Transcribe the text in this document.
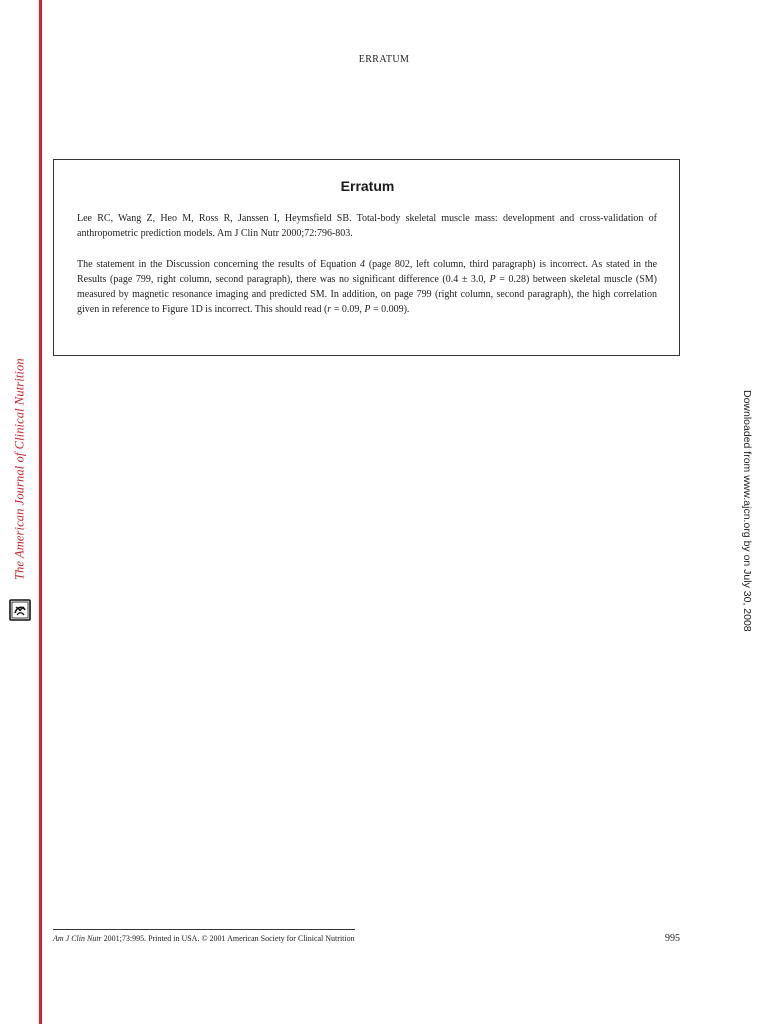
The American Journal of Clinical Nutrition
ERRATUM
Erratum

Lee RC, Wang Z, Heo M, Ross R, Janssen I, Heymsfield SB. Total-body skeletal muscle mass: development and cross-validation of anthropometric prediction models. Am J Clin Nutr 2000;72:796-803.

The statement in the Discussion concerning the results of Equation 4 (page 802, left column, third paragraph) is incorrect. As stated in the Results (page 799, right column, second paragraph), there was no significant difference (0.4 ± 3.0, P = 0.28) between skeletal muscle (SM) measured by magnetic resonance imaging and predicted SM. In addition, on page 799 (right column, second paragraph), the high correlation given in reference to Figure 1D is incorrect. This should read (r = 0.09, P = 0.009).

Downloaded from www.ajcn.org by on July 30, 2008
Am J Clin Nutr 2001;73:995. Printed in USA. © 2001 American Society for Clinical Nutrition	995
